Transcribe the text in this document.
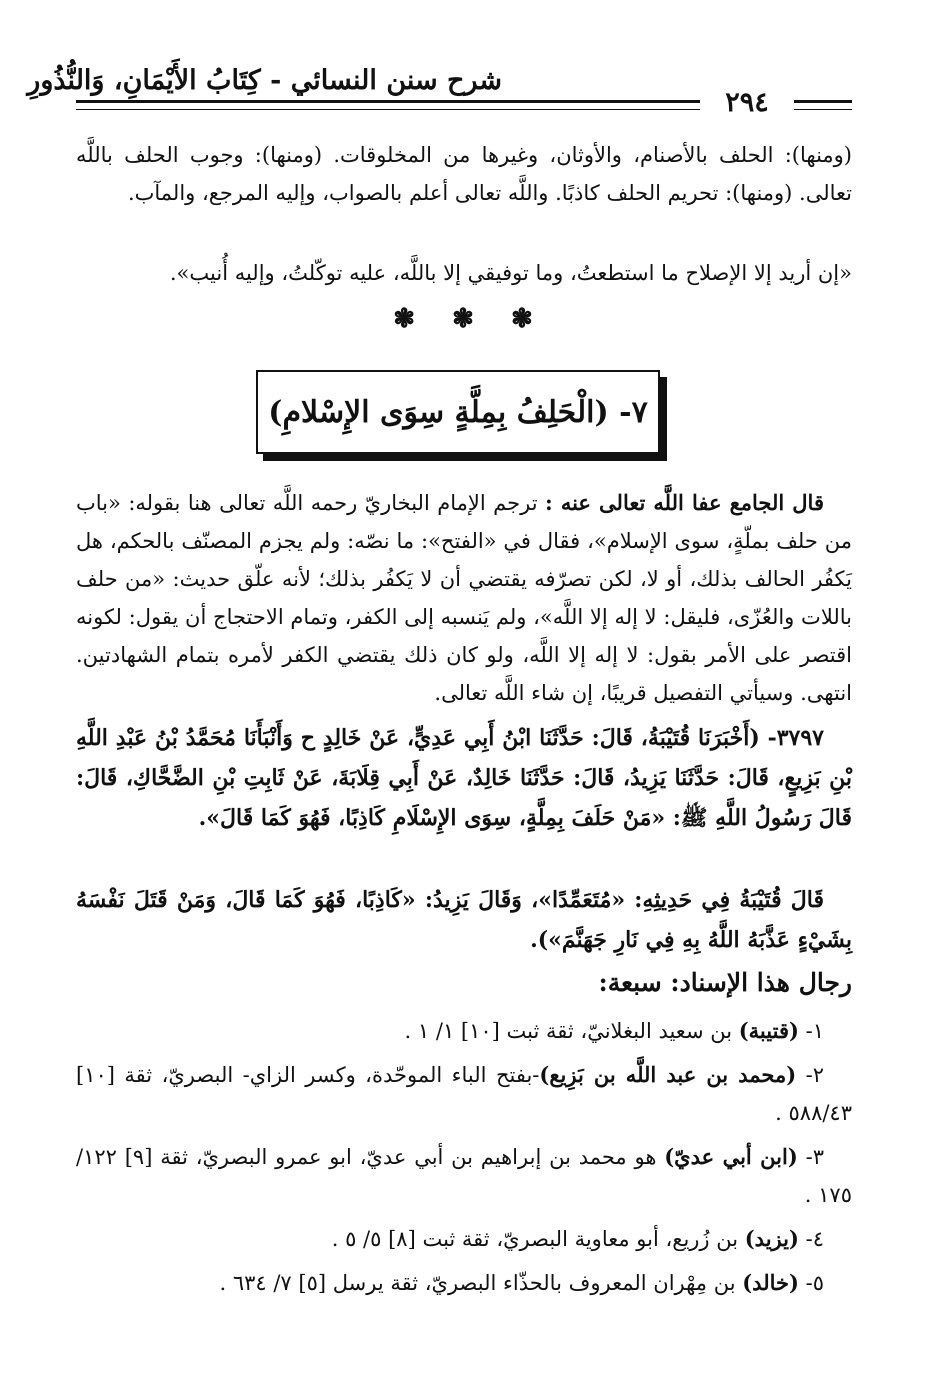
شرح سنن النسائي - كِتَابُ الأَيْمَانِ، وَالنُّذُورِ
٢٩٤
(ومنها): الحلف بالأصنام، والأوثان، وغيرها من المخلوقات. (ومنها): وجوب الحلف باللَّه تعالى. (ومنها): تحريم الحلف كاذبًا. واللَّه تعالى أعلم بالصواب، وإليه المرجع، والمآب.
«إن أريد إلا الإصلاح ما استطعتُ، وما توفيقي إلا باللَّه، عليه توكّلتُ، وإليه أُنيب».
❃ ❃ ❃
٧- (الْحَلِفُ بِمِلَّةٍ سِوَى الإِسْلامِ)
قال الجامع عفا اللَّه تعالى عنه : ترجم الإمام البخاريّ رحمه اللَّه تعالى هنا بقوله: «باب من حلف بملّةٍ، سوى الإسلام»، فقال في «الفتح»: ما نصّه: ولم يجزم المصنّف بالحكم، هل يَكفُر الحالف بذلك، أو لا، لكن تصرّفه يقتضي أن لا يَكفُر بذلك؛ لأنه علّق حديث: «من حلف باللات والعُزّى، فليقل: لا إله إلا اللَّه»، ولم يَنسبه إلى الكفر، وتمام الاحتجاج أن يقول: لكونه اقتصر على الأمر بقول: لا إله إلا اللَّه، ولو كان ذلك يقتضي الكفر لأمره بتمام الشهادتين. انتهى. وسيأتي التفصيل قريبًا، إن شاء اللَّه تعالى.
٣٧٩٧- (أَخْبَرَنَا قُتَيْبَةُ، قَالَ: حَدَّثَنَا ابْنُ أَبِي عَدِيٍّ، عَنْ خَالِدٍ ح وَأَنْبَأَنَا مُحَمَّدُ بْنُ عَبْدِ اللَّهِ بْنِ بَزِيعٍ، قَالَ: حَدَّثَنَا يَزِيدُ، قَالَ: حَدَّثَنَا خَالِدٌ، عَنْ أَبِي قِلَابَةَ، عَنْ ثَابِتِ بْنِ الضَّحَّاكِ، قَالَ: قَالَ رَسُولُ اللَّهِ ﷺ: «مَنْ حَلَفَ بِمِلَّةٍ، سِوَى الإِسْلَامِ كَاذِبًا، فَهُوَ كَمَا قَالَ».
قَالَ قُتَيْبَةُ فِي حَدِيثِهِ: «مُتَعَمِّدًا»، وَقَالَ يَزِيدُ: «كَاذِبًا، فَهُوَ كَمَا قَالَ، وَمَنْ قَتَلَ نَفْسَهُ بِشَيْءٍ عَذَّبَهُ اللَّهُ بِهِ فِي نَارِ جَهَنَّمَ»).
رجال هذا الإسناد: سبعة:
١- (قتيبة) بن سعيد البغلانيّ، ثقة ثبت [١٠] ١/ ١ .
٢- (محمد بن عبد اللَّه بن بَزِيع)-بفتح الباء الموحّدة، وكسر الزاي- البصريّ، ثقة [١٠] ٥٨٨/٤٣ .
٣- (ابن أبي عديّ) هو محمد بن إبراهيم بن أبي عديّ، ابو عمرو البصريّ، ثقة [٩] ١٢٢/ ١٧٥ .
٤- (يزيد) بن زُريع، أبو معاوية البصريّ، ثقة ثبت [٨] ٥/ ٥ .
٥- (خالد) بن مِهْران المعروف بالحذّاء البصريّ، ثقة يرسل [٥] ٧/ ٦٣٤ .
